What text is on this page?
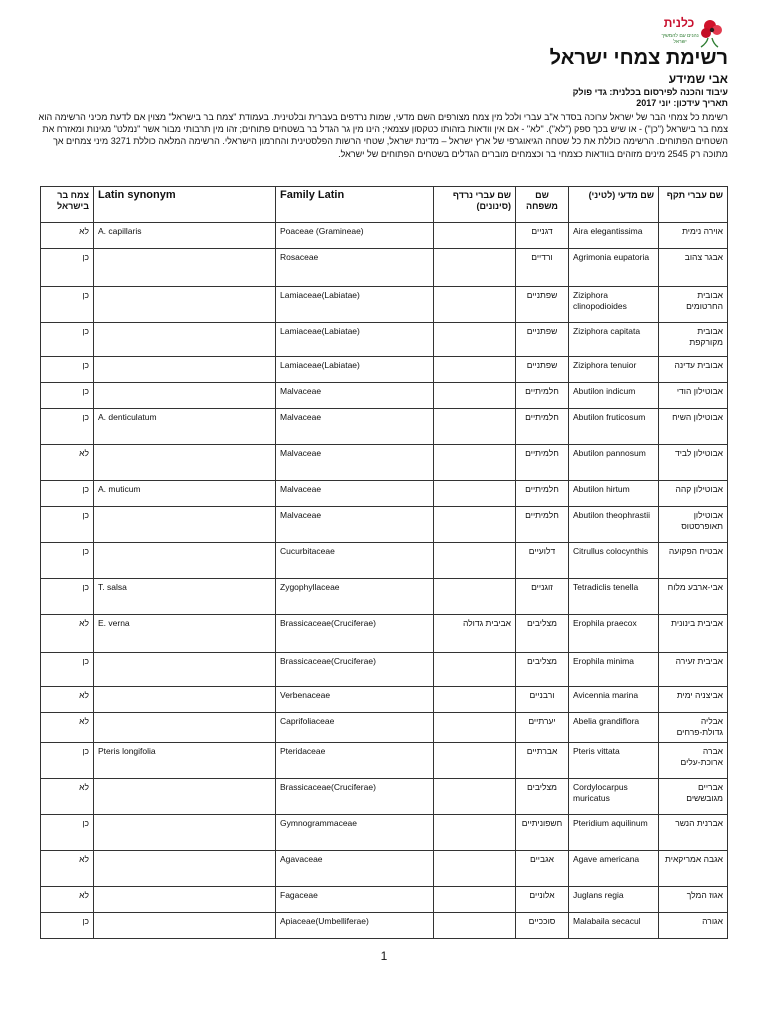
כלנית
נהנים עם להמשיך ישראל
רשימת צמחי ישראל
אבי שמידע
עיבוד והכנה לפירסום בכלנית: גדי פולק
תאריך עידכון: יוני 2017
רשימת כל צמחי הבר של ישראל ערוכה בסדר א"ב עברי ולכל מין צמח מצורפים השם מדעי, שמות נרדפים בעברית ובלטינית. בעמודת "צמח בר בישראל" מצוין אם לדעת מכיני הרשימה הוא צמח בר בישראל ("כן") - או שיש בכך ספק ("לא"). "לא" - אם אין וודאות בזהותו כטקסון עצמאי; הינו מין גר הגדל בר בשטחים פתוחים; זהו מין תרבותי מבור אשר "נמלט" מגינות ומאזרח את השטחים הפתוחים. הרשימה כוללת את כל שטחה הגיאוגרפי של ארץ ישראל – מדינת ישראל, שטחי הרשות הפלסטינית והחרמון הישראלי. הרשימה המלאה כוללת 3271 מיני צמחים אך מתוכה רק 2545 מינים מזוהים בוודאות כצמחי בר וכצמחים מוברים הגדלים בשטחים הפתוחים של ישראל.
צמח בר בישראל	Latin synonym	Family Latin	שם עברי נרדף (סינונים)	שם משפחה	שם מדעי (לטיני)	שם עברי תקף
לא	A. capillaris	Poaceae (Gramineae)		דגניים	Aira elegantissima	אוירה נימית
כן		Rosaceae		ורדיים	Agrimonia eupatoria	אבגר צהוב
כן		Lamiaceae(Labiatae)		שפתניים	Ziziphora clinopodioides	אבובית החרטומים
כן		Lamiaceae(Labiatae)		שפתניים	Ziziphora capitata	אבובית מקורקפת
כן		Lamiaceae(Labiatae)		שפתניים	Ziziphora tenuior	אבובית עדינה
כן		Malvaceae		חלמיתיים	Abutilon indicum	אבוטילון הודי
כן	A. denticulatum	Malvaceae		חלמיתיים	Abutilon fruticosum	אבוטילון השיח
לא		Malvaceae		חלמיתיים	Abutilon pannosum	אבוטילון לביד
כן	A. muticum	Malvaceae		חלמיתיים	Abutilon hirtum	אבוטילון קהה
כן		Malvaceae		חלמיתיים	Abutilon theophrastii	אבוטילון תאופרסטוס
כן		Cucurbitaceae		דלועיים	Citrullus colocynthis	אבטיח הפקועה
כן	T. salsa	Zygophyllaceae		זוגניים	Tetradiclis tenella	אבי-ארבע מלוח
לא	E. verna	Brassicaceae(Cruciferae)	אביבית גדולה	מצליבים	Erophila praecox	אביבית בינונית
כן		Brassicaceae(Cruciferae)		מצליבים	Erophila minima	אביבית זעירה
לא		Verbenaceae		ורבניים	Avicennia marina	אביצניה ימית
לא		Caprifoliaceae		יערתיים	Abelia grandiflora	אבליה גדולת-פרחים
כן	Pteris longifolia	Pteridaceae		אברתיים	Pteris vittata	אברה ארוכת-עלים
לא		Brassicaceae(Cruciferae)		מצליבים	Cordylocarpus muricatus	אבריים מגובששים
כן		Gymnogrammaceae		חשפוניתיים	Pteridium aquilinum	אברנית הנשר
לא		Agavaceae		אגביים	Agave americana	אגבה אמריקאית
לא		Fagaceae		אלוניים	Juglans regia	אגוז המלך
כן		Apiaceae(Umbelliferae)		סוככיים	Malabaila secacul	אגורה
1
